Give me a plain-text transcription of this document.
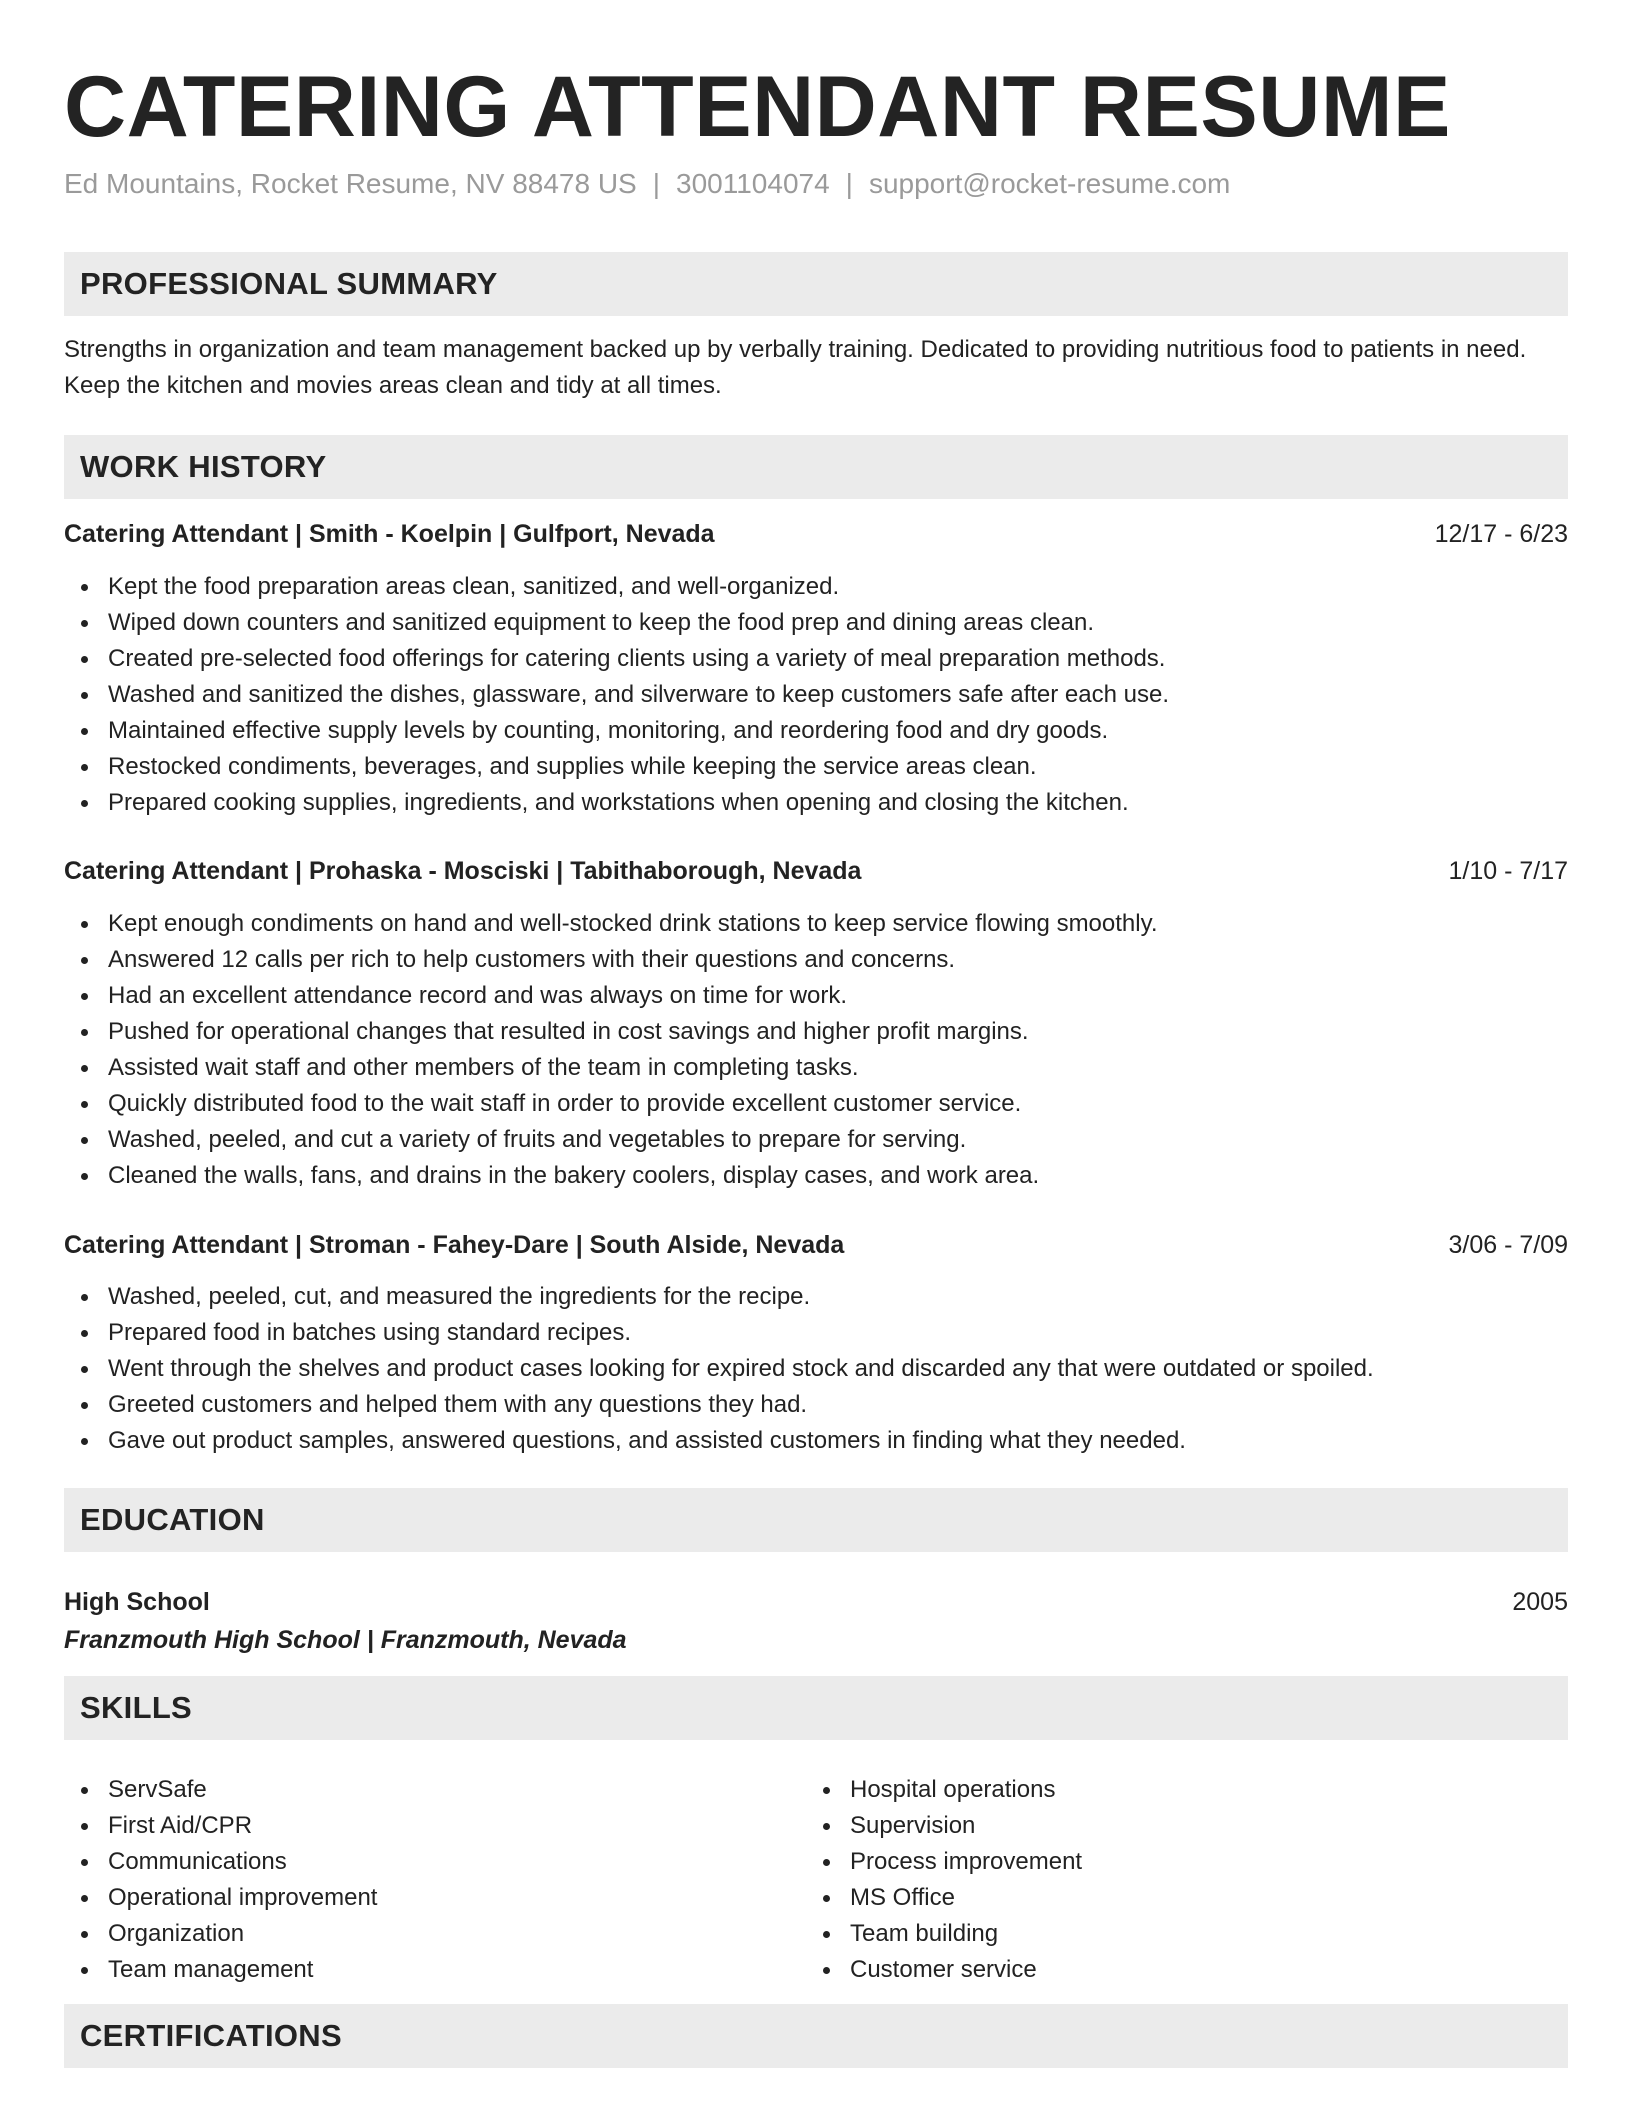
CATERING ATTENDANT RESUME
Ed Mountains, Rocket Resume, NV 88478 US | 3001104074 | support@rocket-resume.com
PROFESSIONAL SUMMARY

Strengths in organization and team management backed up by verbally training. Dedicated to providing nutritious food to patients in need. Keep the kitchen and movies areas clean and tidy at all times.

WORK HISTORY
Catering Attendant | Smith - Koelpin | Gulfport, Nevada	12/17 - 6/23
Kept the food preparation areas clean, sanitized, and well-organized.
Wiped down counters and sanitized equipment to keep the food prep and dining areas clean.
Created pre-selected food offerings for catering clients using a variety of meal preparation methods.
Washed and sanitized the dishes, glassware, and silverware to keep customers safe after each use.
Maintained effective supply levels by counting, monitoring, and reordering food and dry goods.
Restocked condiments, beverages, and supplies while keeping the service areas clean.
Prepared cooking supplies, ingredients, and workstations when opening and closing the kitchen.
Catering Attendant | Prohaska - Mosciski | Tabithaborough, Nevada	1/10 - 7/17
Kept enough condiments on hand and well-stocked drink stations to keep service flowing smoothly.
Answered 12 calls per rich to help customers with their questions and concerns.
Had an excellent attendance record and was always on time for work.
Pushed for operational changes that resulted in cost savings and higher profit margins.
Assisted wait staff and other members of the team in completing tasks.
Quickly distributed food to the wait staff in order to provide excellent customer service.
Washed, peeled, and cut a variety of fruits and vegetables to prepare for serving.
Cleaned the walls, fans, and drains in the bakery coolers, display cases, and work area.
Catering Attendant | Stroman - Fahey-Dare | South Alside, Nevada	3/06 - 7/09
Washed, peeled, cut, and measured the ingredients for the recipe.
Prepared food in batches using standard recipes.
Went through the shelves and product cases looking for expired stock and discarded any that were outdated or spoiled.
Greeted customers and helped them with any questions they had.
Gave out product samples, answered questions, and assisted customers in finding what they needed.
EDUCATION
High School	2005
Franzmouth High School | Franzmouth, Nevada
SKILLS
ServSafe
First Aid/CPR
Communications
Operational improvement
Organization
Team management
Hospital operations
Supervision
Process improvement
MS Office
Team building
Customer service
CERTIFICATIONS
